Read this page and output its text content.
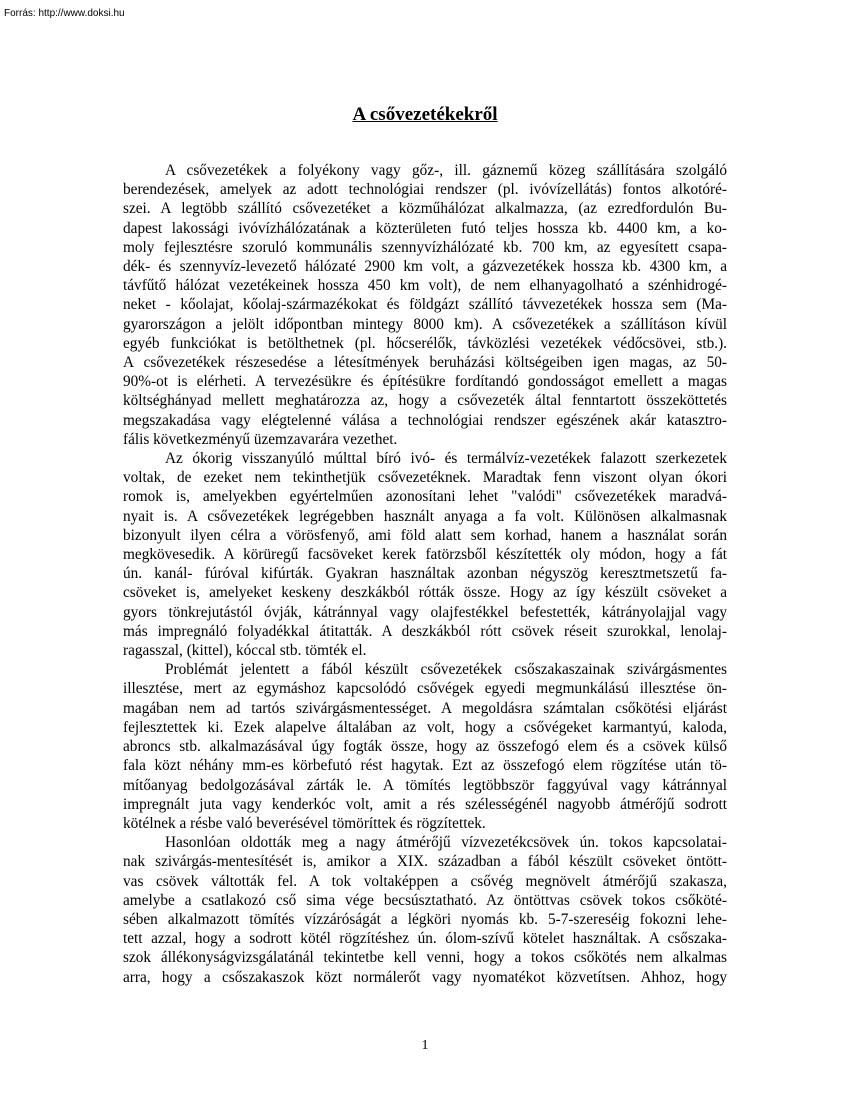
Forrás: http://www.doksi.hu

A csővezetékekről

A csővezetékek a folyékony vagy gőz-, ill. gáznemű közeg szállítására szolgáló
berendezések, amelyek az adott technológiai rendszer (pl. ivóvízellátás) fontos alkotóré-
szei. A legtöbb szállító csővezetéket a közműhálózat alkalmazza, (az ezredfordulón Bu-
dapest lakossági ivóvízhálózatának a közterületen futó teljes hossza kb. 4400 km, a ko-
moly fejlesztésre szoruló kommunális szennyvízhálózaté kb. 700 km, az egyesített csapa-
dék- és szennyvíz-levezető hálózaté 2900 km volt, a gázvezetékek hossza kb. 4300 km, a
távfűtő hálózat vezetékeinek hossza 450 km volt), de nem elhanyagolható a szénhidrogé-
neket - kőolajat, kőolaj-származékokat és földgázt szállító távvezetékek hossza sem (Ma-
gyarországon a jelölt időpontban mintegy 8000 km). A csővezetékek a szállításon kívül
egyéb funkciókat is betölthetnek (pl. hőcserélők, távközlési vezetékek védőcsövei, stb.).
A csővezetékek részesedése a létesítmények beruházási költségeiben igen magas, az 50-
90%-ot is elérheti. A tervezésükre és építésükre fordítandó gondosságot emellett a magas
költséghányad mellett meghatározza az, hogy a csővezeték által fenntartott összeköttetés
megszakadása vagy elégtelenné válása a technológiai rendszer egészének akár katasztro-
fális következményű üzemzavarára vezethet.

Az ókorig visszanyúló múlttal bíró ivó- és termálvíz-vezetékek falazott szerkezetek
voltak, de ezeket nem tekinthetjük csővezetéknek. Maradtak fenn viszont olyan ókori
romok is, amelyekben egyértelműen azonosítani lehet "valódi" csővezetékek maradvá-
nyait is. A csővezetékek legrégebben használt anyaga a fa volt. Különösen alkalmasnak
bizonyult ilyen célra a vörösfenyő, ami föld alatt sem korhad, hanem a használat során
megkövesedik. A körüregű facsöveket kerek fatörzsből készítették oly módon, hogy a fát
ún. kanál- fúróval kifúrták. Gyakran használtak azonban négyszög keresztmetszetű fa-
csöveket is, amelyeket keskeny deszkákból rótták össze. Hogy az így készült csöveket a
gyors tönkrejutástól óvják, kátránnyal vagy olajfestékkel befestették, kátrányolajjal vagy
más impregnáló folyadékkal átitatták. A deszkákból rótt csövek réseit szurokkal, lenolaj-
ragasszal, (kittel), kóccal stb. tömték el.

Problémát jelentett a fából készült csővezetékek csőszakaszainak szivárgásmentes
illesztése, mert az egymáshoz kapcsolódó csővégek egyedi megmunkálású illesztése ön-
magában nem ad tartós szivárgásmentességet. A megoldásra számtalan csőkötési eljárást
fejlesztettek ki. Ezek alapelve általában az volt, hogy a csővégeket karmantyú, kaloda,
abroncs stb. alkalmazásával úgy fogták össze, hogy az összefogó elem és a csövek külső
fala közt néhány mm-es körbefutó rést hagytak. Ezt az összefogó elem rögzítése után tö-
mítőanyag bedolgozásával zárták le. A tömítés legtöbbször faggyúval vagy kátránnyal
impregnált juta vagy kenderkóc volt, amit a rés szélességénél nagyobb átmérőjű sodrott
kötélnek a résbe való beverésével tömöríttek és rögzítettek.

Hasonlóan oldották meg a nagy átmérőjű vízvezetékcsövek ún. tokos kapcsolatai-
nak szivárgás-mentesítését is, amikor a XIX. században a fából készült csöveket öntött-
vas csövek váltották fel. A tok voltaképpen a csővég megnövelt átmérőjű szakasza,
amelybe a csatlakozó cső sima vége becsúsztatható. Az öntöttvas csövek tokos csőköté-
sében alkalmazott tömítés vízzáróságát a légköri nyomás kb. 5-7-szereséig fokozni lehe-
tett azzal, hogy a sodrott kötél rögzítéshez ún. ólom-szívű kötelet használtak. A csőszaka-
szok állékonyságvizsgálatánál tekintetbe kell venni, hogy a tokos csőkötés nem alkalmas
arra, hogy a csőszakaszok közt normálerőt vagy nyomatékot közvetítsen. Ahhoz, hogy

1
